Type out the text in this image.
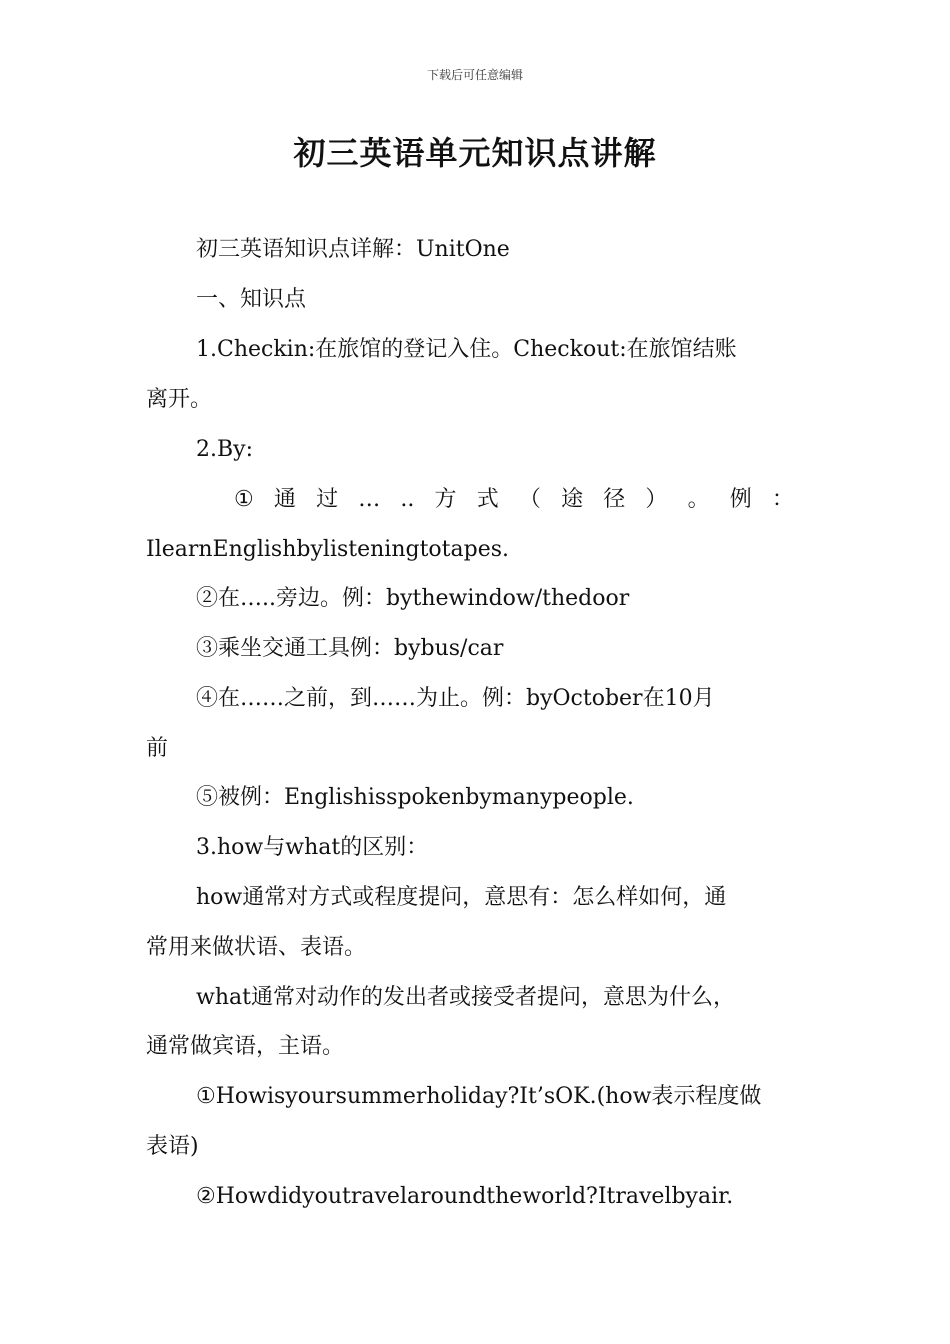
下载后可任意编辑
初三英语单元知识点讲解

初三英语知识点详解：UnitOne

一、知识点

1.Checkin:在旅馆的登记入住。Checkout:在旅馆结账

离开。

2.By:

① 通 过 … .. 方 式 （ 途 径 ） 。 例 ：

IlearnEnglishbylisteningtotapes.

②在…..旁边。例：bythewindow/thedoor

③乘坐交通工具例：bybus/car

④在……之前，到……为止。例：byOctober在10月

前

⑤被例：Englishisspokenbymanypeople.

3.how与what的区别：

how通常对方式或程度提问，意思有：怎么样如何，通

常用来做状语、表语。

what通常对动作的发出者或接受者提问，意思为什么，

通常做宾语，主语。

①Howisyoursummerholiday?It’sOK.(how表示程度做

表语)

②Howdidyoutravelaroundtheworld?Itravelbyair.
